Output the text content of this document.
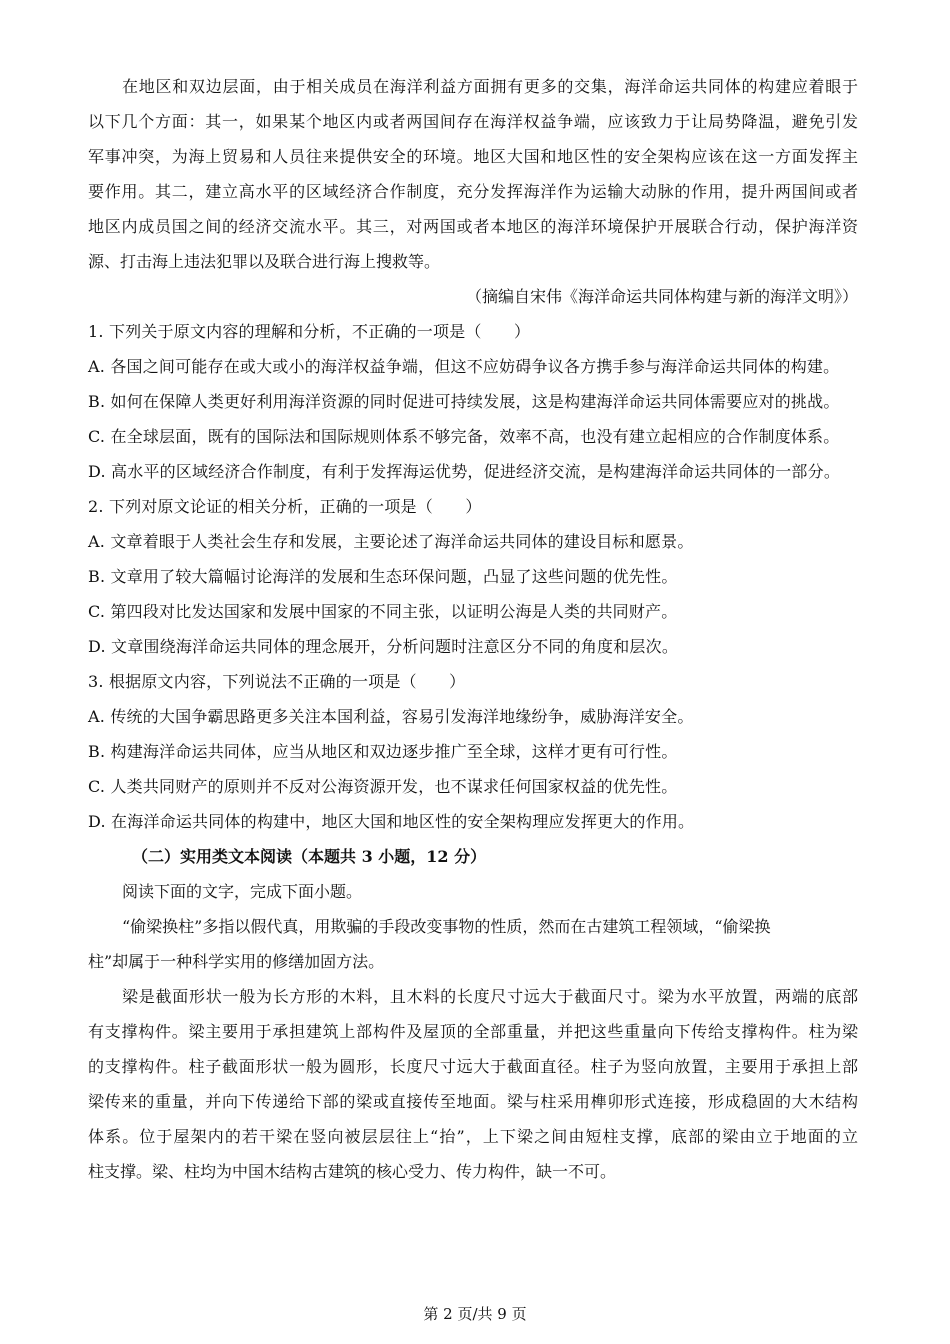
在地区和双边层面，由于相关成员在海洋利益方面拥有更多的交集，海洋命运共同体的构建应着眼于
以下几个方面：其一，如果某个地区内或者两国间存在海洋权益争端，应该致力于让局势降温，避免引发
军事冲突，为海上贸易和人员往来提供安全的环境。地区大国和地区性的安全架构应该在这一方面发挥主
要作用。其二，建立高水平的区域经济合作制度，充分发挥海洋作为运输大动脉的作用，提升两国间或者
地区内成员国之间的经济交流水平。其三，对两国或者本地区的海洋环境保护开展联合行动，保护海洋资
源、打击海上违法犯罪以及联合进行海上搜救等。
（摘编自宋伟《海洋命运共同体构建与新的海洋文明》）
1. 下列关于原文内容的理解和分析，不正确的一项是（　　）
A. 各国之间可能存在或大或小的海洋权益争端，但这不应妨碍争议各方携手参与海洋命运共同体的构建。
B. 如何在保障人类更好利用海洋资源的同时促进可持续发展，这是构建海洋命运共同体需要应对的挑战。
C. 在全球层面，既有的国际法和国际规则体系不够完备，效率不高，也没有建立起相应的合作制度体系。
D. 高水平的区域经济合作制度，有利于发挥海运优势，促进经济交流，是构建海洋命运共同体的一部分。
2. 下列对原文论证的相关分析，正确的一项是（　　）
A. 文章着眼于人类社会生存和发展，主要论述了海洋命运共同体的建设目标和愿景。
B. 文章用了较大篇幅讨论海洋的发展和生态环保问题，凸显了这些问题的优先性。
C. 第四段对比发达国家和发展中国家的不同主张，以证明公海是人类的共同财产。
D. 文章围绕海洋命运共同体的理念展开，分析问题时注意区分不同的角度和层次。
3. 根据原文内容，下列说法不正确的一项是（　　）
A. 传统的大国争霸思路更多关注本国利益，容易引发海洋地缘纷争，威胁海洋安全。
B. 构建海洋命运共同体，应当从地区和双边逐步推广至全球，这样才更有可行性。
C. 人类共同财产的原则并不反对公海资源开发，也不谋求任何国家权益的优先性。
D. 在海洋命运共同体的构建中，地区大国和地区性的安全架构理应发挥更大的作用。
（二）实用类文本阅读（本题共 3 小题，12 分）
阅读下面的文字，完成下面小题。
“偷梁换柱”多指以假代真，用欺骗的手段改变事物的性质，然而在古建筑工程领域，“偷梁换
柱”却属于一种科学实用的修缮加固方法。
梁是截面形状一般为长方形的木料，且木料的长度尺寸远大于截面尺寸。梁为水平放置，两端的底部
有支撑构件。梁主要用于承担建筑上部构件及屋顶的全部重量，并把这些重量向下传给支撑构件。柱为梁
的支撑构件。柱子截面形状一般为圆形，长度尺寸远大于截面直径。柱子为竖向放置，主要用于承担上部
梁传来的重量，并向下传递给下部的梁或直接传至地面。梁与柱采用榫卯形式连接，形成稳固的大木结构
体系。位于屋架内的若干梁在竖向被层层往上“抬”，上下梁之间由短柱支撑，底部的梁由立于地面的立
柱支撑。梁、柱均为中国木结构古建筑的核心受力、传力构件，缺一不可。
第 2 页/共 9 页
